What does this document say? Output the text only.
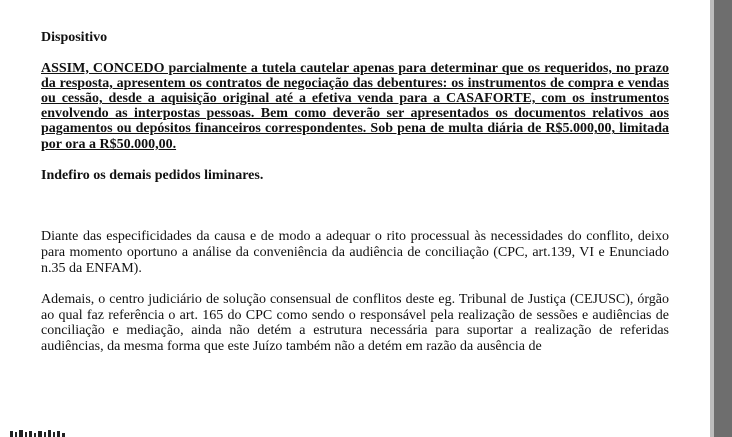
Dispositivo

ASSIM, CONCEDO parcialmente a tutela cautelar apenas para determinar que os requeridos, no prazo da resposta, apresentem os contratos de negociação das debentures: os instrumentos de compra e vendas ou cessão, desde a aquisição original até a efetiva venda para a CASAFORTE, com os instrumentos envolvendo as interpostas pessoas. Bem como deverão ser apresentados os documentos relativos aos pagamentos ou depósitos financeiros correspondentes. Sob pena de multa diária de R$5.000,00, limitada por ora a R$50.000,00.

Indefiro os demais pedidos liminares.

Diante das especificidades da causa e de modo a adequar o rito processual às necessidades do conflito, deixo para momento oportuno a análise da conveniência da audiência de conciliação (CPC, art.139, VI e Enunciado n.35 da ENFAM).

Ademais, o centro judiciário de solução consensual de conflitos deste eg. Tribunal de Justiça (CEJUSC), órgão ao qual faz referência o art. 165 do CPC como sendo o responsável pela realização de sessões e audiências de conciliação e mediação, ainda não detém a estrutura necessária para suportar a realização de referidas audiências, da mesma forma que este Juízo também não a detém em razão da ausência de
